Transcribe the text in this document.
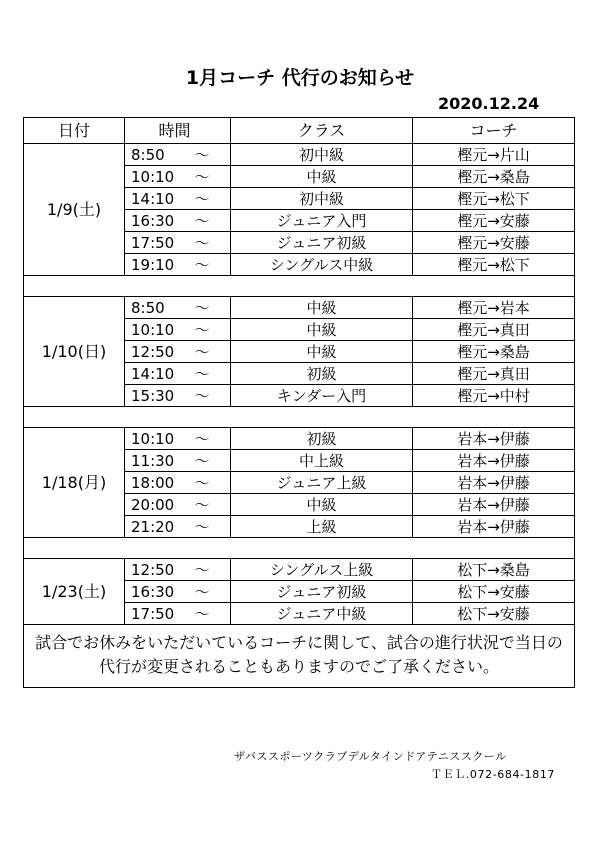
1月コーチ 代行のお知らせ
2020.12.24
日付	時間		クラス	コーチ
1/9(土)	8:50	〜	初中級	樫元→片山
	10:10	〜	中級	樫元→桑島
	14:10	〜	初中級	樫元→松下
	16:30	〜	ジュニア入門	樫元→安藤
	17:50	〜	ジュニア初級	樫元→安藤
	19:10	〜	シングルス中級	樫元→松下

1/10(日)	8:50	〜	中級	樫元→岩本
	10:10	〜	中級	樫元→真田
	12:50	〜	中級	樫元→桑島
	14:10	〜	初級	樫元→真田
	15:30	〜	キンダー入門	樫元→中村

1/18(月)	10:10	〜	初級	岩本→伊藤
	11:30	〜	中上級	岩本→伊藤
	18:00	〜	ジュニア上級	岩本→伊藤
	20:00	〜	中級	岩本→伊藤
	21:20	〜	上級	岩本→伊藤

1/23(土)	12:50	〜	シングルス上級	松下→桑島
	16:30	〜	ジュニア初級	松下→安藤
	17:50	〜	ジュニア中級	松下→安藤
試合でお休みをいただいているコーチに関して、試合の進行状況で当日の代行が変更されることもありますのでご了承ください。				
ザバススポーツクラブデルタインドアテニススクール
ＴＥＬ.072-684-1817
